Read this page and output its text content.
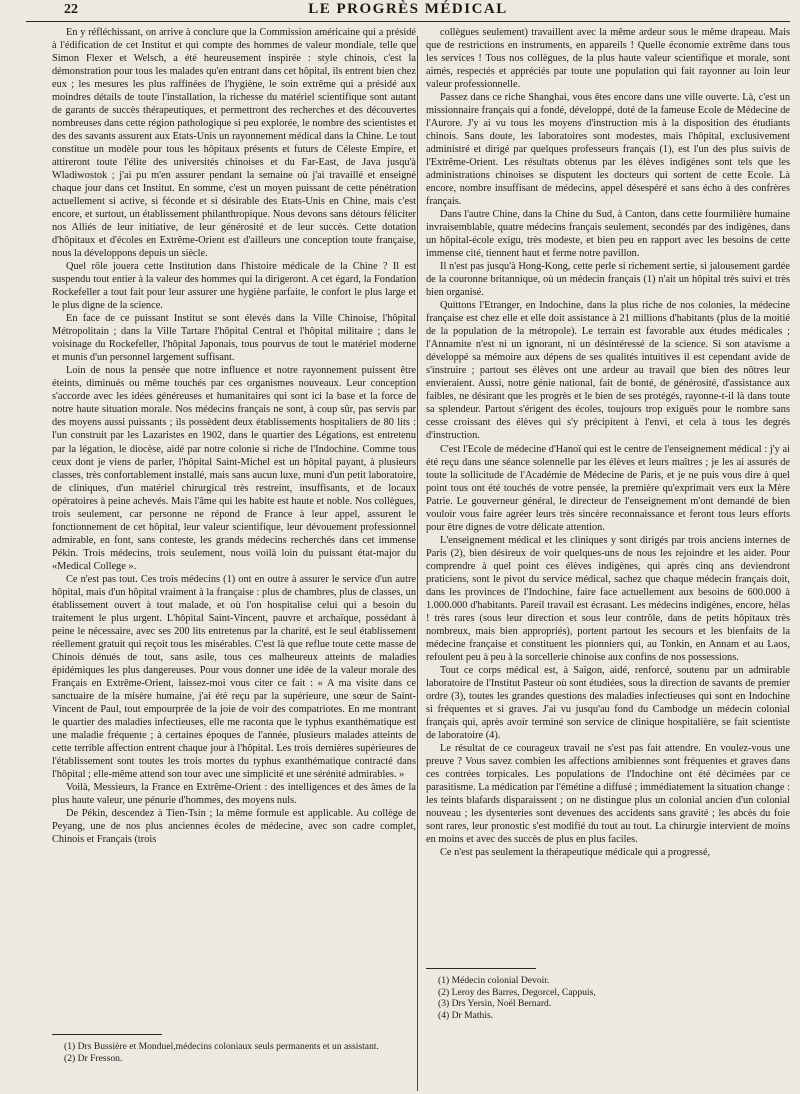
22	LE PROGRÈS MÉDICAL

En y réfléchissant, on arrive à conclure que la Commission américaine qui a présidé à l'édification de cet Institut et qui compte des hommes de valeur mondiale, telle que Simon Flexer et Welsch, a été heureusement inspirée : style chinois, c'est la démonstration pour tous les malades qu'en entrant dans cet hôpital, ils entrent bien chez eux ; les mesures les plus raffinées de l'hygiène, le soin extrême qui a présidé aux moindres détails de toute l'installation, la richesse du matériel scientifique sont autant de garants de succès thérapeutiques, et permettront des recherches et des découvertes nombreuses dans cette région pathologique si peu explorée, le nombre des scientistes et des des savants assurent aux Etats-Unis un rayonnement médical dans la Chine. Le tout constitue un modèle pour tous les hôpitaux présents et futurs de Céleste Empire, et attireront toute l'élite des universités chinoises et du Far-East, de Java jusqu'à Wladiwostok ; j'ai pu m'en assurer pendant la semaine où j'ai travaillé et enseigné chaque jour dans cet Institut. En somme, c'est un moyen puissant de cette pénétration actuellement si active, si féconde et si désirable des Etats-Unis en Chine, mais c'est encore, et surtout, un établissement philanthropique. Nous devons sans détours féliciter nos Alliés de leur initiative, de leur générosité et de leur succès. Cette dotation d'hôpitaux et d'écoles en Extrême-Orient est d'ailleurs une conception toute française, nous la développons depuis un siècle.

Quel rôle jouera cette Institution dans l'histoire médicale de la Chine ? Il est suspendu tout entier à la valeur des hommes qui la dirigeront. A cet égard, la Fondation Rockefeller a tout fait pour leur assurer une hygiène parfaite, le confort le plus large et le plus digne de la science.

En face de ce puissant Institut se sont élevés dans la Ville Chinoise, l'hôpital Métropolitain ; dans la Ville Tartare l'hôpital Central et l'hôpital militaire ; dans le voisinage du Rockefeller, l'hôpital Japonais, tous pourvus de tout le matériel moderne et munis d'un personnel largement suffisant.

Loin de nous la pensée que notre influence et notre rayonnement puissent être éteints, diminués ou même touchés par ces organismes nouveaux. Leur conception s'accorde avec les idées généreuses et humanitaires qui sont ici la base et la force de notre haute situation morale. Nos médecins français ne sont, à coup sûr, pas servis par des moyens aussi puissants ; ils possèdent deux établissements hospitaliers de 80 lits : l'un construit par les Lazaristes en 1902, dans le quartier des Légations, est entretenu par la légation, le diocèse, aidé par notre colonie si riche de l'Indochine. Comme tous ceux dont je viens de parler, l'hôpital Saint-Michel est un hôpital payant, à plusieurs classes, très confortablement installé, mais sans aucun luxe, muni d'un petit laboratoire, de cliniques, d'un matériel chirurgical très restreint, insuffisants, et de locaux opératoires à peine achevés. Mais l'âme qui les habite est haute et noble. Nos collègues, trois seulement, car personne ne répond de France à leur appel, assurent le fonctionnement de cet hôpital, leur valeur scientifique, leur dévouement professionnel admirable, en font, sans conteste, les grands médecins recherchés dans cet immense Pékin. Trois médecins, trois seulement, nous voilà loin du puissant état-major du «Medical College ».

Ce n'est pas tout. Ces trois médecins (1) ont en outre à assurer le service d'un autre hôpital, mais d'un hôpital vraiment à la française : plus de chambres, plus de classes, un établissement ouvert à tout malade, et où l'on hospitalise celui qui a besoin du traitement le plus urgent. L'hôpital Saint-Vincent, pauvre et archaïque, possédant à peine le nécessaire, avec ses 200 lits entretenus par la charité, est le seul établissement réellement gratuit qui reçoit tous les misérables. C'est là que reflue toute cette masse de Chinois dénués de tout, sans asile, tous ces malheureux atteints de maladies épidémiques les plus dangereuses. Pour vous donner une idée de la valeur morale des Français en Extrême-Orient, laissez-moi vous citer ce fait : « A ma visite dans ce sanctuaire de la misère humaine, j'ai été reçu par la supérieure, une sœur de Saint-Vincent de Paul, tout empourprée de la joie de voir des compatriotes. En me montrant le quartier des maladies infectieuses, elle me raconta que le typhus exanthématique est une maladie fréquente ; à certaines époques de l'année, plusieurs malades atteints de cette terrible affection entrent chaque jour à l'hôpital. Les trois dernières supérieures de l'établissement sont toutes les trois mortes du typhus exanthématique contracté dans l'hôpital ; elle-même attend son tour avec une simplicité et une sérénité admirables. »

Voilà, Messieurs, la France en Extrême-Orient : des intelligences et des âmes de la plus haute valeur, une pénurie d'hommes, des moyens nuls.

De Pékin, descendez à Tien-Tsin ; la même formule est applicable. Au collège de Peyang, une de nos plus anciennes écoles de médecine, avec son cadre complet, Chinois et Français (trois

collègues seulement) travaillent avec la même ardeur sous le même drapeau. Mais que de restrictions en instruments, en appareils ! Quelle économie extrême dans tous les services ! Tous nos collègues, de la plus haute valeur scientifique et morale, sont aimés, respectés et appréciés par toute une population qui fait rayonner au loin leur valeur professionnelle.

Passez dans ce riche Shanghai, vous êtes encore dans une ville ouverte. Là, c'est un missionnaire français qui a fondé, développé, doté de la fameuse Ecole de Médecine de l'Aurore. J'y ai vu tous les moyens d'instruction mis à la disposition des étudiants chinois. Sans doute, les laboratoires sont modestes, mais l'hôpital, exclusivement administré et dirigé par quelques professeurs français (1), est l'un des plus suivis de l'Extrême-Orient. Les résultats obtenus par les élèves indigènes sont tels que les administrations chinoises se disputent les docteurs qui sortent de cette Ecole. Là encore, nombre insuffisant de médecins, appel désespéré et sans écho à des confrères français.

Dans l'autre Chine, dans la Chine du Sud, à Canton, dans cette fourmilière humaine invraisemblable, quatre médecins français seulement, secondés par des indigènes, dans un hôpital-école exigu, très modeste, et bien peu en rapport avec les besoins de cette immense cité, tiennent haut et ferme notre pavillon.

Il n'est pas jusqu'à Hong-Kong, cette perle si richement sertie, si jalousement gardée de la couronne britannique, où un médecin français (1) n'ait un hôpital très suivi et très bien organisé.

Quittons l'Etranger, en Indochine, dans la plus riche de nos colonies, la médecine française est chez elle et elle doit assistance à 21 millions d'habitants (plus de la moitié de la population de la métropole). Le terrain est favorable aux études médicales ; l'Annamite n'est ni un ignorant, ni un désintéressé de la science. Si son atavisme a développé sa mémoire aux dépens de ses qualités intuitives il est cependant avide de s'instruire ; partout ses élèves ont une ardeur au travail que bien des nôtres leur envieraient. Aussi, notre génie national, fait de bonté, de générosité, d'assistance aux faibles, ne désirant que les progrès et le bien de ses protégés, rayonne-t-il là dans toute sa splendeur. Partout s'érigent des écoles, toujours trop exiguës pour le nombre sans cesse croissant des élèves qui s'y précipitent à l'envi, et cela à tous les degrés d'instruction.

C'est l'Ecole de médecine d'Hanoï qui est le centre de l'enseignement médical : j'y ai été reçu dans une séance solennelle par les élèves et leurs maîtres ; je les ai assurés de toute la sollicitude de l'Académie de Médecine de Paris, et je ne puis vous dire à quel point tous ont été touchés de votre pensée, la première qu'exprimait vers eux la Mère Patrie. Le gouverneur général, le directeur de l'enseignement m'ont demandé de bien vouloir vous faire agréer leurs très sincère reconnaissance et feront tous leurs efforts pour être dignes de votre délicate attention.

L'enseignement médical et les cliniques y sont dirigés par trois anciens internes de Paris (2), bien désireux de voir quelques-uns de nous les rejoindre et les aider. Pour comprendre à quel point ces élèves indigènes, qui après cinq ans deviendront praticiens, sont le pivot du service médical, sachez que chaque médecin français doit, dans les provinces de l'Indochine, faire face actuellement aux besoins de 600.000 à 1.000.000 d'habitants. Pareil travail est écrasant. Les médecins indigènes, encore, hélas ! très rares (sous leur direction et sous leur contrôle, dans de petits hôpitaux très nombreux, mais bien appropriés), portent partout les secours et les bienfaits de la médecine française et constituent les pionniers qui, au Tonkin, en Annam et au Laos, refoulent peu à peu à la sorcellerie chinoise aux confins de nos possessions.

Tout ce corps médical est, à Saïgon, aidé, renforcé, soutenu par un admirable laboratoire de l'Institut Pasteur où sont étudiées, sous la direction de savants de premier ordre (3), toutes les grandes questions des maladies infectieuses qui sont en Indochine si fréquentes et si graves. J'ai vu jusqu'au fond du Cambodge un médecin colonial français qui, après avoir terminé son service de clinique hospitalière, se fait scientiste de laboratoire (4).

Le résultat de ce courageux travail ne s'est pas fait attendre. En voulez-vous une preuve ? Vous savez combien les affections amibiennes sont fréquentes et graves dans ces contrées torpicales. Les populations de l'Indochine ont été décimées par ce parasitisme. La médication par l'émétine a diffusé ; immédiatement la situation change : les teints blafards disparaissent ; on ne distingue plus un colonial ancien d'un colonial nouveau ; les dysenteries sont devenues des accidents sans gravité ; les abcès du foie sont rares, leur pronostic s'est modifié du tout au tout. La chirurgie intervient de moins en moins et avec des succès de plus en plus faciles.

Ce n'est pas seulement la thérapeutique médicale qui a progressé,

(1) Drs Bussière et Monduel,médecins coloniaux seuls permanents et un assistant.

(2) Dr Fresson.

(1) Médecin colonial Devoir.

(2) Leroy des Barres, Degorcel, Cappuis,

(3) Drs Yersin, Noël Bernard.

(4) Dr Mathis.
